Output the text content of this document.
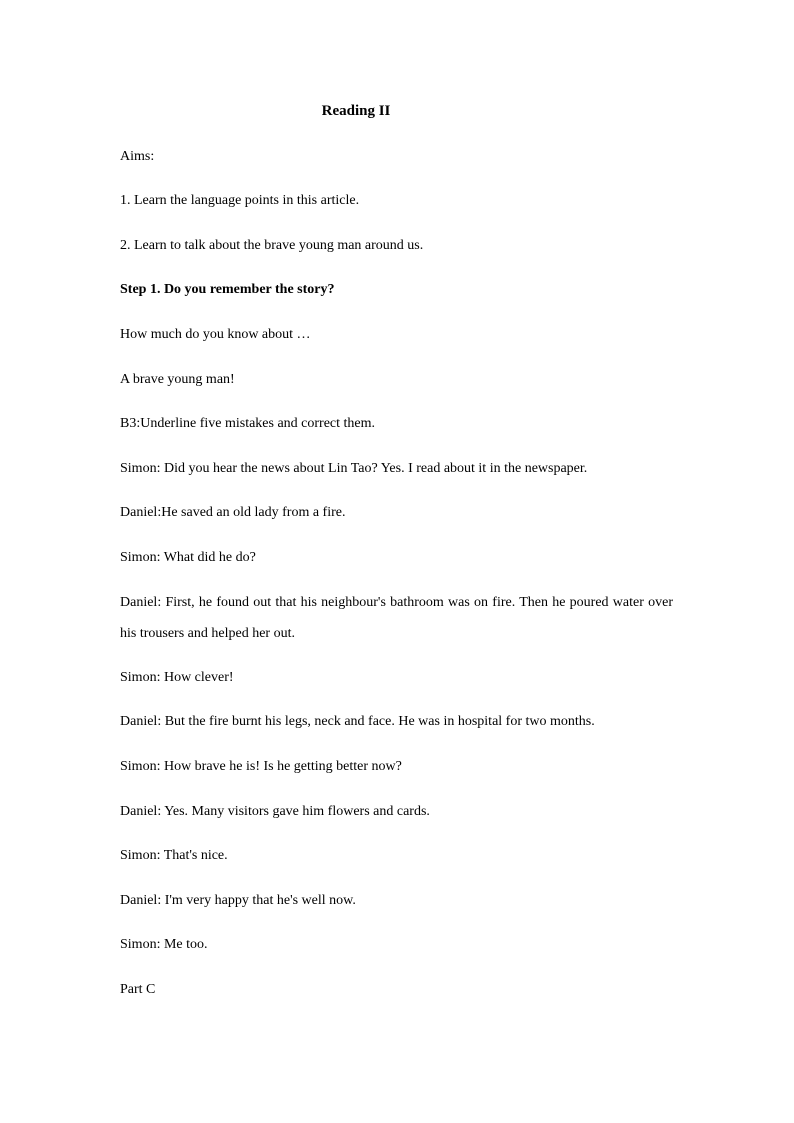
Reading II
Aims:
1. Learn the language points in this article.
2. Learn to talk about the brave young man around us.
Step 1. Do you remember the story?
How much do you know about …
A brave young man!
B3:Underline five mistakes and correct them.
Simon: Did you hear the news about Lin Tao? Yes. I read about it in the newspaper.
Daniel:He saved an old lady from a fire.
Simon: What did he do?
Daniel: First, he found out that his neighbour's bathroom was on fire. Then he poured water over his trousers and helped her out.
Simon: How clever!
Daniel: But the fire burnt his legs, neck and face. He was in hospital for two months.
Simon: How brave he is! Is he getting better now?
Daniel: Yes. Many visitors gave him flowers and cards.
Simon: That's nice.
Daniel: I'm very happy that he's well now.
Simon: Me too.
Part C
